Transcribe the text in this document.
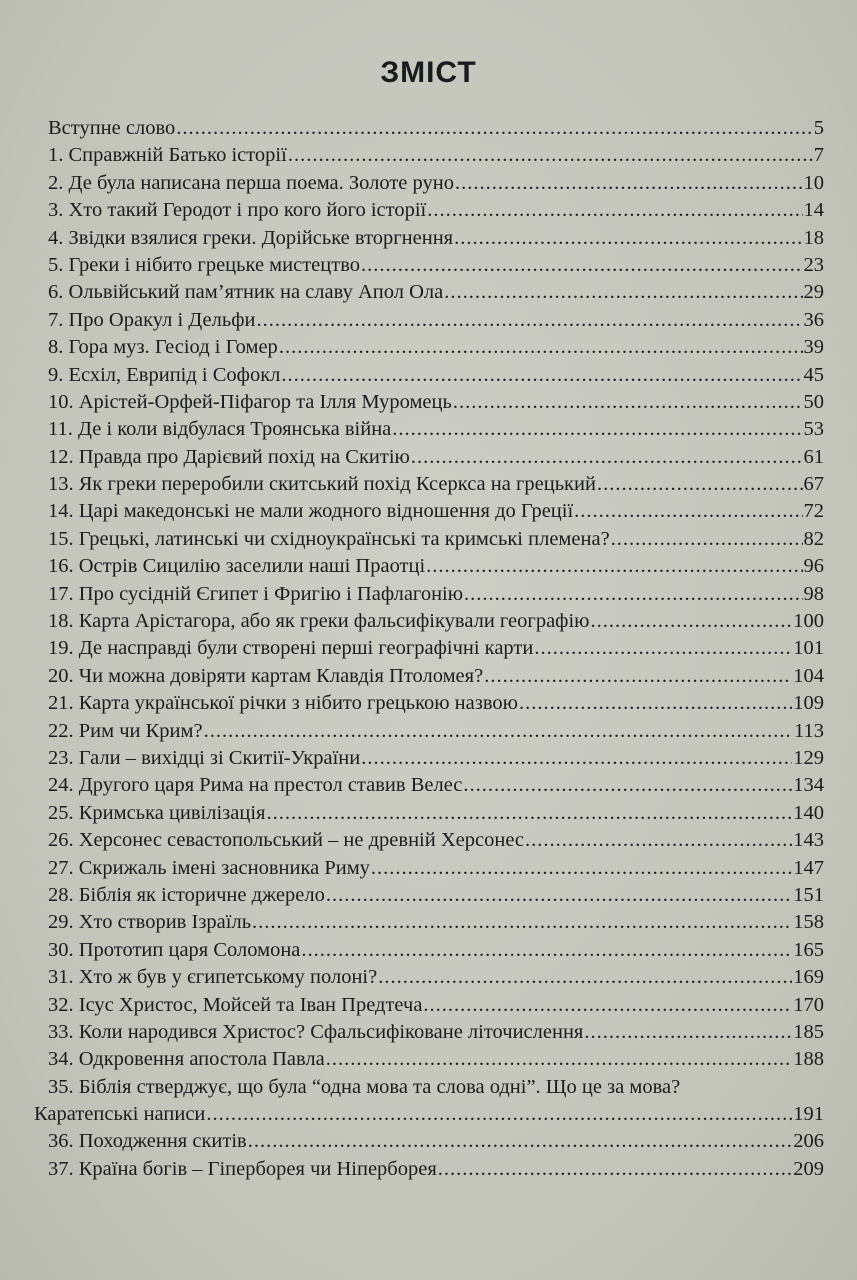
ЗМІСТ
Вступне слово .....	5
1. Справжній Батько історії .....	7
2. Де була написана перша поема. Золоте руно .....	10
3. Хто такий Геродот і про кого його історії .....	14
4. Звідки взялися греки. Дорійське вторгнення .....	18
5. Греки і нібито грецьке мистецтво .....	23
6. Ольвійський пам’ятник на славу Апол Ола .....	29
7. Про Оракул і Дельфи .....	36
8. Гора муз. Гесіод і Гомер .....	39
9. Есхіл, Еврипід і Софокл .....	45
10. Арістей-Орфей-Піфагор та Ілля Муромець .....	50
11. Де і коли відбулася Троянська війна .....	53
12. Правда про Дарієвий похід на Скитію .....	61
13. Як греки переробили скитський похід Ксеркса на грецький .....	67
14. Царі македонські не мали жодного відношення до Греції .....	72
15. Грецькі, латинські чи східноукраїнські та кримські племена? .....	82
16. Острів Сицилію заселили наші Праотці .....	96
17. Про сусідній Єгипет і Фригію і Пафлагонію .....	98
18. Карта Арістагора, або як греки фальсифікували географію .....	100
19. Де насправді були створені перші географічні карти .....	101
20. Чи можна довіряти картам Клавдія Птоломея? .....	104
21. Карта української річки з нібито грецькою назвою .....	109
22. Рим чи Крим? .....	113
23. Гали – вихідці зі Скитії-України .....	129
24. Другого царя Рима на престол ставив Велес .....	134
25. Кримська цивілізація .....	140
26. Херсонес севастопольський – не древній Херсонес .....	143
27. Скрижаль імені засновника Риму .....	147
28. Біблія як історичне джерело .....	151
29. Хто створив Ізраїль .....	158
30. Прототип царя Соломона .....	165
31. Хто ж був у єгипетському полоні? .....	169
32. Ісус Христос, Мойсей та Іван Предтеча .....	170
33. Коли народився Христос? Сфальсифіковане літочислення .....	185
34. Одкровення апостола Павла .....	188
35. Біблія стверджує, що була “одна мова та слова одні”. Що це за мова?
Каратепські написи .....	191
36. Походження скитів .....	206
37. Країна богів – Гіперборея чи Ніперборея .....	209
